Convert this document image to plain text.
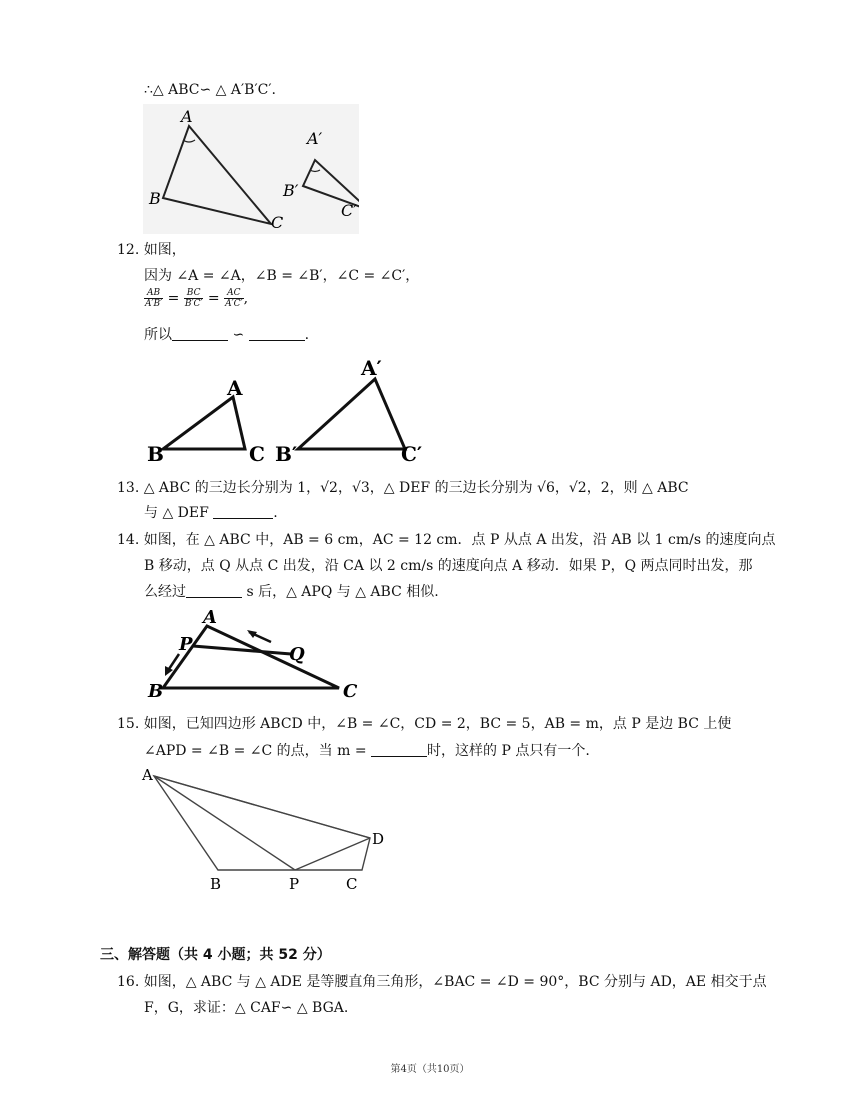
∴△ ABC∽ △ A′B′C′.
A
B
C
A′
B′
C′
12. 如图，
因为 ∠A = ∠A，∠B = ∠B′，∠C = ∠C′，
$\frac{AB}{A'B'} = \frac{BC}{B'C'} = \frac{AC}{A'C'}$ ,
所以	∽	.
A
B	C
A′
B′	C′
13. △ ABC 的三边长分别为 1，√2，√3，△ DEF 的三边长分别为 √6，√2，2，则 △ ABC
与 △ DEF	.
14. 如图，在 △ ABC 中，AB = 6 cm，AC = 12 cm．点 P 从点 A 出发，沿 AB 以 1 cm/s 的速度向点
B 移动，点 Q 从点 C 出发，沿 CA 以 2 cm/s 的速度向点 A 移动．如果 P，Q 两点同时出发，那
么经过	s 后，△ APQ 与 △ ABC 相似.
A
P	Q
B	C
15. 如图，已知四边形 ABCD 中，∠B = ∠C，CD = 2，BC = 5，AB = m，点 P 是边 BC 上使
∠APD = ∠B = ∠C 的点，当 m =	时，这样的 P 点只有一个.
A
B	P	C
D
三、解答题（共 4 小题；共 52 分）
16. 如图，△ ABC 与 △ ADE 是等腰直角三角形，∠BAC = ∠D = 90°，BC 分别与 AD，AE 相交于点
F，G，求证：△ CAF∽ △ BGA.
第4页（共10页）
